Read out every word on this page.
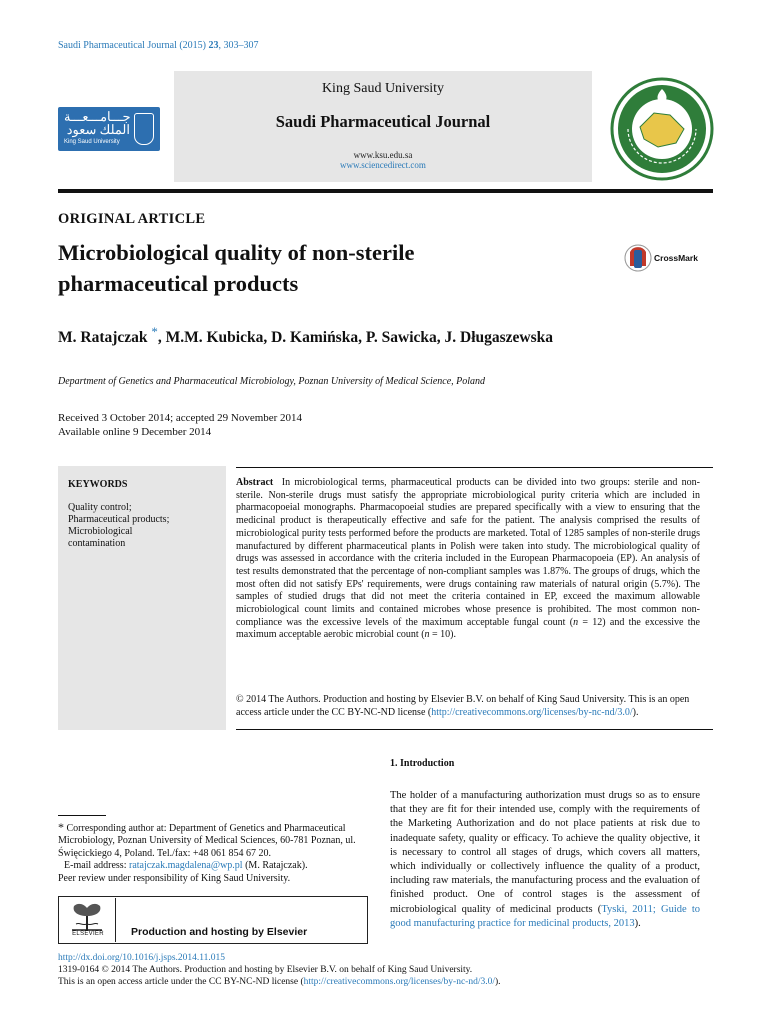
Saudi Pharmaceutical Journal (2015) 23, 303–307
King Saud University
Saudi Pharmaceutical Journal
www.ksu.edu.sa
www.sciencedirect.com
جـــامـــعـــة
الملك سعود
King Saud University
ORIGINAL ARTICLE
Microbiological quality of non-sterile
pharmaceutical products
CrossMark
M. Ratajczak *, M.M. Kubicka, D. Kamińska, P. Sawicka, J. Długaszewska
Department of Genetics and Pharmaceutical Microbiology, Poznan University of Medical Science, Poland
Received 3 October 2014; accepted 29 November 2014
Available online 9 December 2014
KEYWORDS
Quality control;
Pharmaceutical products;
Microbiological
contamination
Abstract In microbiological terms, pharmaceutical products can be divided into two groups: sterile and non-sterile. Non-sterile drugs must satisfy the appropriate microbiological purity criteria which are included in pharmacopoeial monographs. Pharmacopoeial studies are prepared specifically with a view to ensuring that the medicinal product is therapeutically effective and safe for the patient. The analysis comprised the results of microbiological purity tests performed before the products are marketed. Total of 1285 samples of non-sterile drugs manufactured by different pharmaceutical plants in Polish were taken into study. The microbiological quality of drugs was assessed in accordance with the criteria included in the European Pharmacopoeia (EP). An analysis of test results demonstrated that the percentage of non-compliant samples was 1.87%. The groups of drugs, which the most often did not satisfy EPs' requirements, were drugs containing raw materials of natural origin (5.7%). The samples of studied drugs that did not meet the criteria contained in EP, exceed the maximum allowable microbiological count limits and contained microbes whose presence is prohibited. The most common non-compliance was the excessive levels of the maximum acceptable fungal count (n = 12) and the excessive the maximum acceptable aerobic microbial count (n = 10).
© 2014 The Authors. Production and hosting by Elsevier B.V. on behalf of King Saud University. This is an open access article under the CC BY-NC-ND license (http://creativecommons.org/licenses/by-nc-nd/3.0/).
1. Introduction
The holder of a manufacturing authorization must drugs so as to ensure that they are fit for their intended use, comply with the requirements of the Marketing Authorization and do not place patients at risk due to inadequate safety, quality or efficacy. To achieve the quality objective, it is necessary to control all stages of drugs, which covers all matters, which individually or collectively influence the quality of a product, including raw materials, the manufacturing process and the evaluation of finished product. One of control stages is the assessment of microbiological quality of medicinal products (Tyski, 2011; Guide to good manufacturing practice for medicinal products, 2013).
* Corresponding author at: Department of Genetics and Pharmaceutical Microbiology, Poznan University of Medical Sciences, 60-781 Poznan, ul. Święcickiego 4, Poland. Tel./fax: +48 061 854 67 20.
E-mail address: ratajczak.magdalena@wp.pl (M. Ratajczak).
Peer review under responsibility of King Saud University.
ELSEVIER	Production and hosting by Elsevier
http://dx.doi.org/10.1016/j.jsps.2014.11.015
1319-0164 © 2014 The Authors. Production and hosting by Elsevier B.V. on behalf of King Saud University.
This is an open access article under the CC BY-NC-ND license (http://creativecommons.org/licenses/by-nc-nd/3.0/).
